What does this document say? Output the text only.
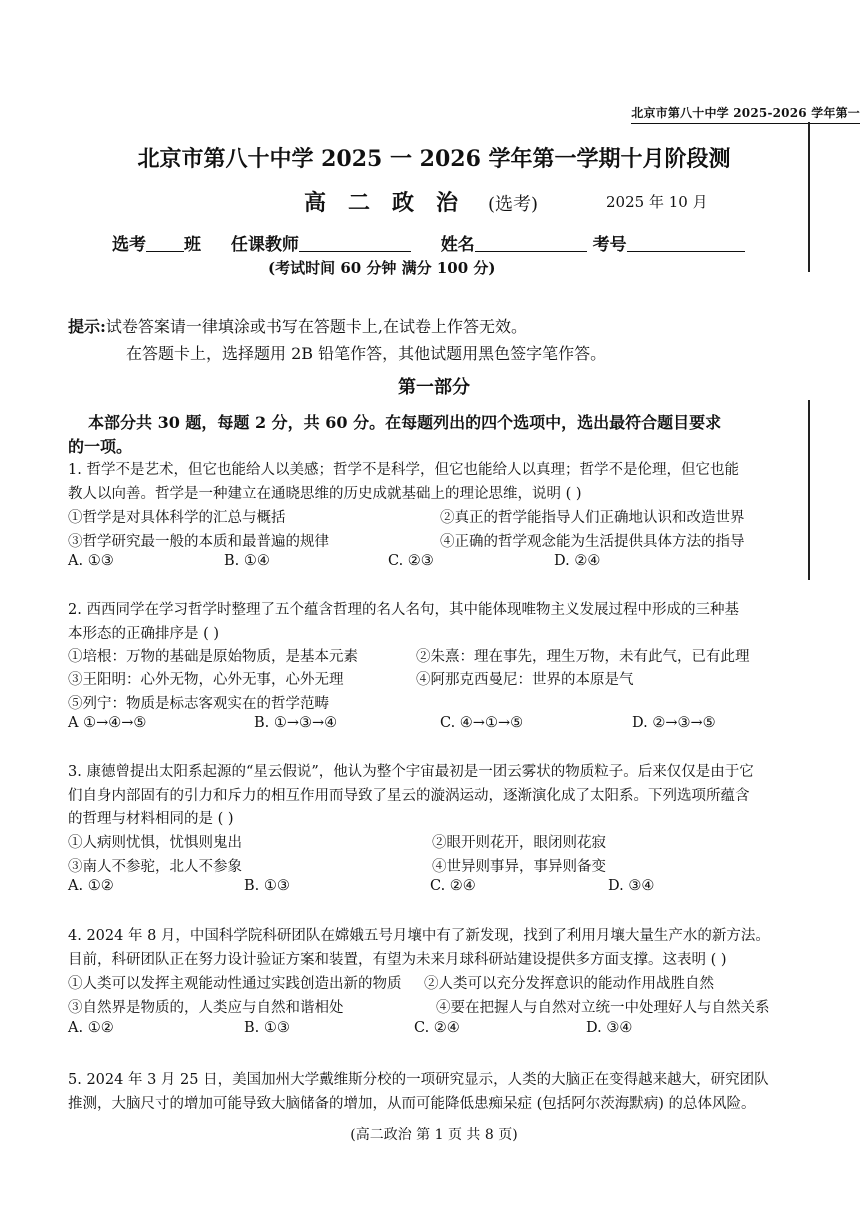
北京市第八十中学 2025-2026 学年第一
北京市第八十中学 2025 一 2026 学年第一学期十月阶段测
高二政治 (选考)	2025 年 10 月
选考 班 任课教师	姓名	考号
(考试时间 60 分钟 满分 100 分)
提示:试卷答案请一律填涂或书写在答题卡上,在试卷上作答无效。
在答题卡上，选择题用 2B 铅笔作答，其他试题用黑色签字笔作答。
第一部分
本部分共 30 题，每题 2 分，共 60 分。在每题列出的四个选项中，选出最符合题目要求
的一项。
1. 哲学不是艺术，但它也能给人以美感；哲学不是科学，但它也能给人以真理；哲学不是伦理，但它也能
教人以向善。哲学是一种建立在通晓思维的历史成就基础上的理论思维，说明 ( )
①哲学是对具体科学的汇总与概括	②真正的哲学能指导人们正确地认识和改造世界
③哲学研究最一般的本质和最普遍的规律	④正确的哲学观念能为生活提供具体方法的指导
A. ①③	B. ①④	C. ②③	D. ②④
2. 西西同学在学习哲学时整理了五个蕴含哲理的名人名句，其中能体现唯物主义发展过程中形成的三种基
本形态的正确排序是 ( )
①培根：万物的基础是原始物质，是基本元素	②朱熹：理在事先，理生万物，未有此气，已有此理
③王阳明：心外无物，心外无事，心外无理	④阿那克西曼尼：世界的本原是气
⑤列宁：物质是标志客观实在的哲学范畴
A ①→④→⑤	B. ①→③→④	C. ④→①→⑤	D. ②→③→⑤
3. 康德曾提出太阳系起源的“星云假说”，他认为整个宇宙最初是一团云雾状的物质粒子。后来仅仅是由于它
们自身内部固有的引力和斥力的相互作用而导致了星云的漩涡运动，逐渐演化成了太阳系。下列选项所蕴含
的哲理与材料相同的是 ( )
①人病则忧惧，忧惧则鬼出	②眼开则花开，眼闭则花寂
③南人不参驼，北人不参象	④世异则事异，事异则备变
A. ①②	B. ①③	C. ②④	D. ③④
4. 2024 年 8 月，中国科学院科研团队在嫦娥五号月壤中有了新发现，找到了利用月壤大量生产水的新方法。
目前，科研团队正在努力设计验证方案和装置，有望为未来月球科研站建设提供多方面支撑。这表明 ( )
①人类可以发挥主观能动性通过实践创造出新的物质 ②人类可以充分发挥意识的能动作用战胜自然
③自然界是物质的，人类应与自然和谐相处	④要在把握人与自然对立统一中处理好人与自然关系
A. ①②	B. ①③	C. ②④	D. ③④
5. 2024 年 3 月 25 日，美国加州大学戴维斯分校的一项研究显示，人类的大脑正在变得越来越大，研究团队
推测，大脑尺寸的增加可能导致大脑储备的增加，从而可能降低患痴呆症 (包括阿尔茨海默病) 的总体风险。
(高二政治 第 1 页 共 8 页)
